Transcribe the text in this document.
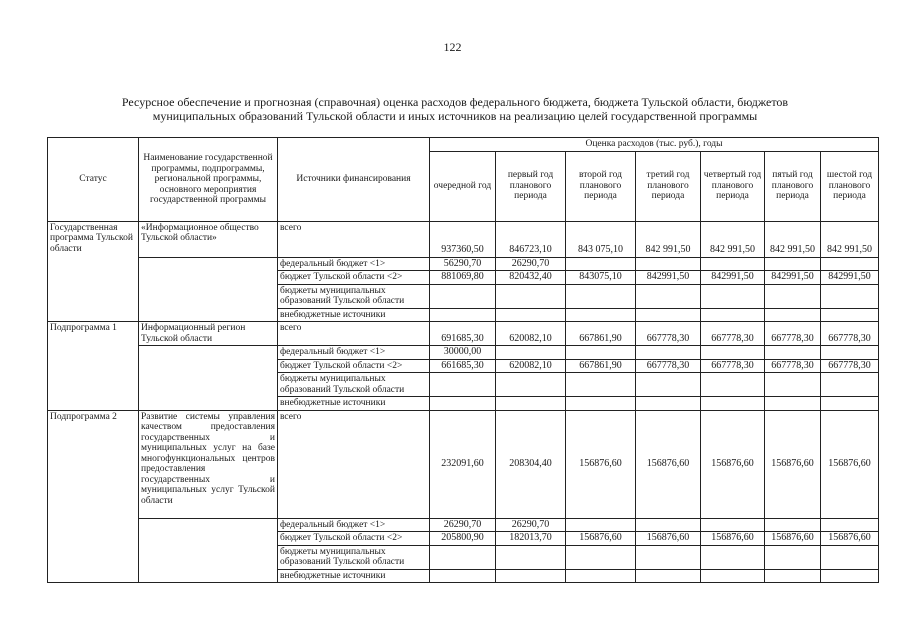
122
Ресурсное обеспечение и прогнозная (справочная) оценка расходов федерального бюджета, бюджета Тульской области, бюджетов
муниципальных образований Тульской области и иных источников на реализацию целей государственной программы
Статус	Наименование государственной программы, подпрограммы, региональной программы, основного мероприятия государственной программы	Источники финансирования	Оценка расходов (тыс. руб.), годы						
			очередной год	первый год планового периода	второй год планового периода	третий год планового периода	четвертый год планового периода	пятый год планового периода	шестой год планового периода
Государственная программа Тульской области	«Информационное общество Тульской области»	всего	937360,50	846723,10	843 075,10	842 991,50	842 991,50	842 991,50	842 991,50
		федеральный бюджет <1>	56290,70	26290,70					
		бюджет Тульской области <2>	881069,80	820432,40	843075,10	842991,50	842991,50	842991,50	842991,50
		бюджеты муниципальных образований Тульской области							
		внебюджетные источники							
Подпрограмма 1	Информационный регион Тульской области	всего	691685,30	620082,10	667861,90	667778,30	667778,30	667778,30	667778,30
		федеральный бюджет <1>	30000,00						
		бюджет Тульской области <2>	661685,30	620082,10	667861,90	667778,30	667778,30	667778,30	667778,30
		бюджеты муниципальных образований Тульской области							
		внебюджетные источники							
Подпрограмма 2	Развитие системы управления качеством предоставления государственных и муниципальных услуг на базе многофункциональных центров предоставления государственных и муниципальных услуг Тульской области	всего	232091,60	208304,40	156876,60	156876,60	156876,60	156876,60	156876,60
		федеральный бюджет <1>	26290,70	26290,70					
		бюджет Тульской области <2>	205800,90	182013,70	156876,60	156876,60	156876,60	156876,60	156876,60
		бюджеты муниципальных образований Тульской области							
		внебюджетные источники							
